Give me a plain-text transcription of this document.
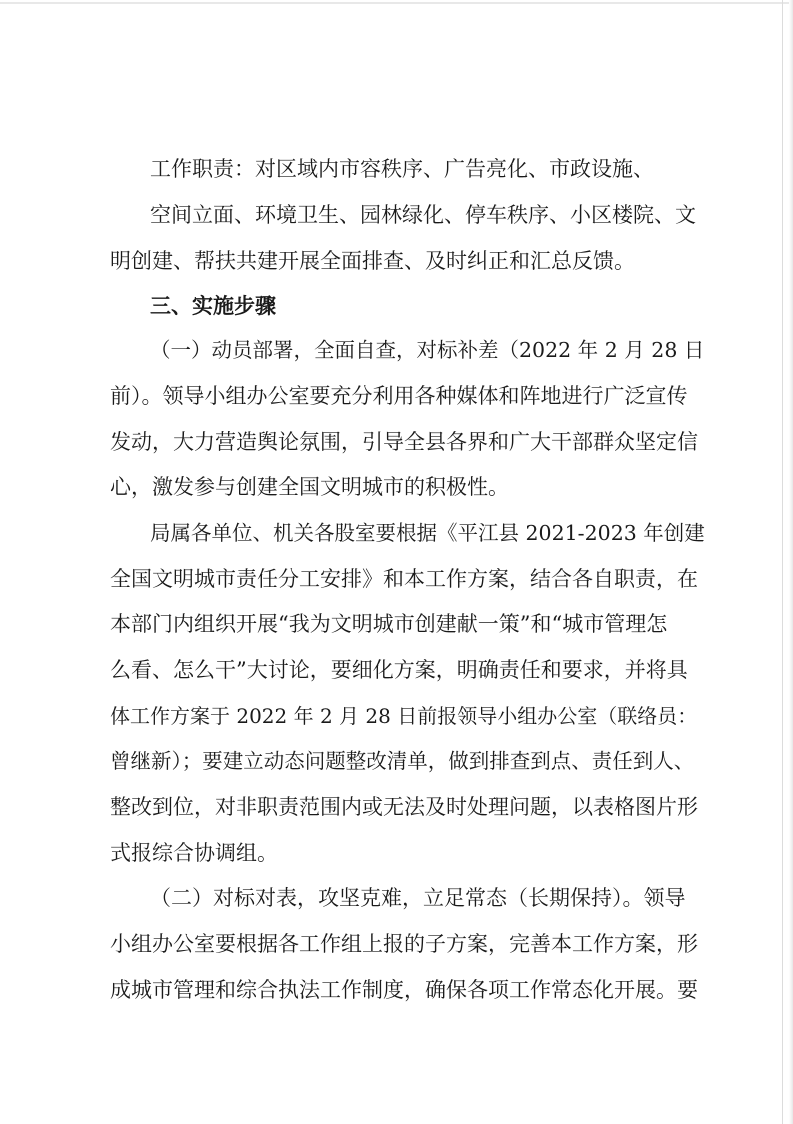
工作职责：对区域内市容秩序、广告亮化、市政设施、
空间立面、环境卫生、园林绿化、停车秩序、小区楼院、文
明创建、帮扶共建开展全面排查、及时纠正和汇总反馈。
三、实施步骤
（一）动员部署，全面自查，对标补差（2022 年 2 月 28 日
前）。领导小组办公室要充分利用各种媒体和阵地进行广泛宣传
发动，大力营造舆论氛围，引导全县各界和广大干部群众坚定信
心，激发参与创建全国文明城市的积极性。
局属各单位、机关各股室要根据《平江县 2021-2023 年创建
全国文明城市责任分工安排》和本工作方案，结合各自职责，在
本部门内组织开展“我为文明城市创建献一策”和“城市管理怎
么看、怎么干”大讨论，要细化方案，明确责任和要求，并将具
体工作方案于 2022 年 2 月 28 日前报领导小组办公室（联络员：
曾继新）；要建立动态问题整改清单，做到排查到点、责任到人、
整改到位，对非职责范围内或无法及时处理问题，以表格图片形
式报综合协调组。
（二）对标对表，攻坚克难，立足常态（长期保持）。领导
小组办公室要根据各工作组上报的子方案，完善本工作方案，形
成城市管理和综合执法工作制度，确保各项工作常态化开展。要
